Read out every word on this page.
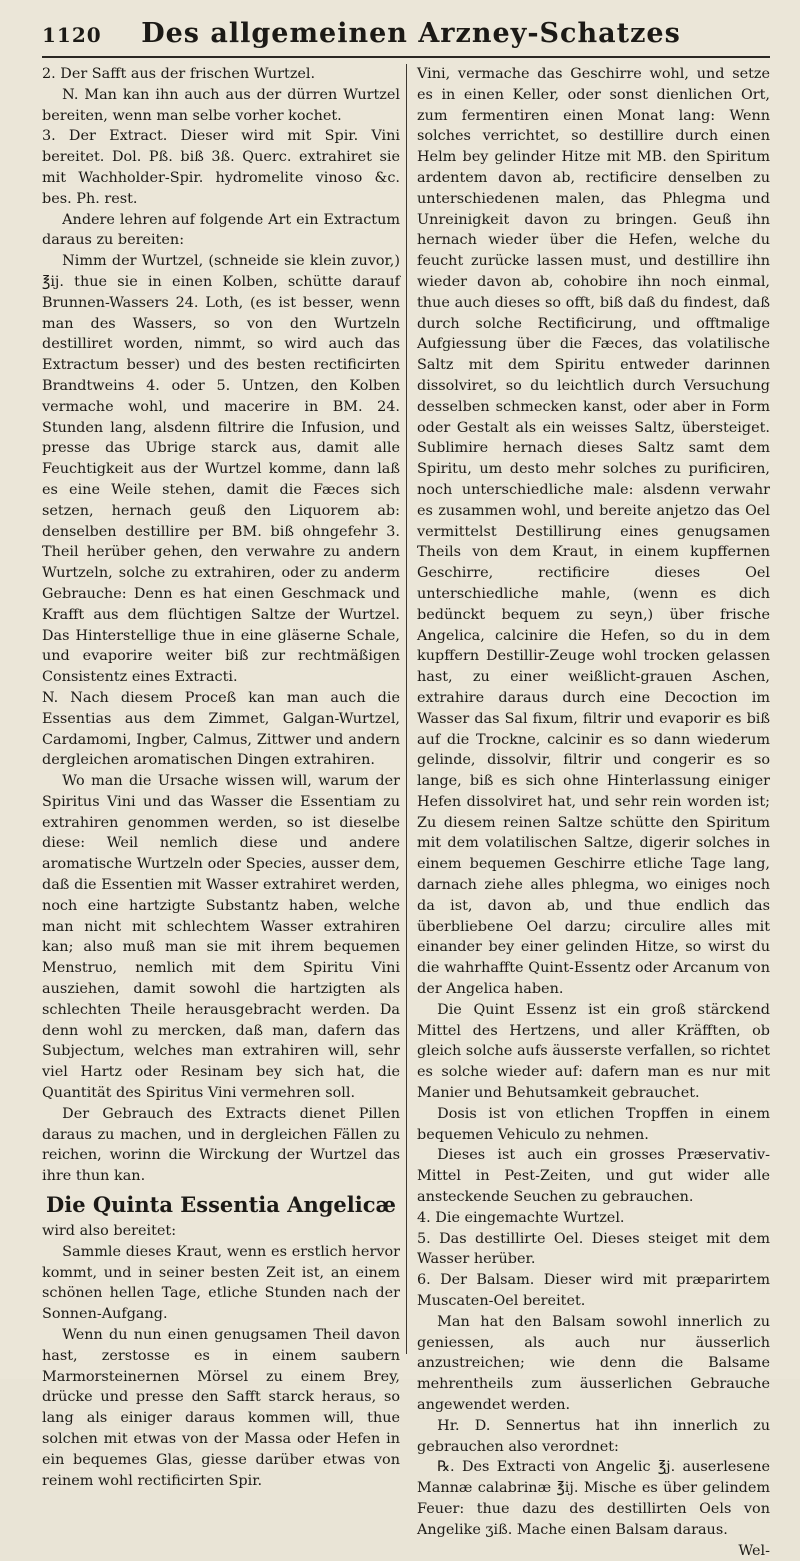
1120	Des allgemeinen Arzney-Schatzes

2. Der Safft aus der frischen Wurtzel.

N. Man kan ihn auch aus der dürren Wurtzel bereiten, wenn man selbe vorher kochet.

3. Der Extract. Dieser wird mit Spir. Vini bereitet. Dol. Pß. biß 3ß. Querc. extrahiret sie mit Wachholder-Spir. hydromelite vinoso &c. bes. Ph. rest.

Andere lehren auf folgende Art ein Extractum daraus zu bereiten:

Nimm der Wurtzel, (schneide sie klein zuvor,) ℥ij. thue sie in einen Kolben, schütte darauf Brunnen-Wassers 24. Loth, (es ist besser, wenn man des Wassers, so von den Wurtzeln destilliret worden, nimmt, so wird auch das Extractum besser) und des besten rectificirten Brandtweins 4. oder 5. Untzen, den Kolben vermache wohl, und macerire in BM. 24. Stunden lang, alsdenn filtrire die Infusion, und presse das Ubrige starck aus, damit alle Feuchtigkeit aus der Wurtzel komme, dann laß es eine Weile stehen, damit die Fæces sich setzen, hernach geuß den Liquorem ab: denselben destillire per BM. biß ohngefehr 3. Theil herüber gehen, den verwahre zu andern Wurtzeln, solche zu extrahiren, oder zu anderm Gebrauche: Denn es hat einen Geschmack und Krafft aus dem flüchtigen Saltze der Wurtzel. Das Hinterstellige thue in eine gläserne Schale, und evaporire weiter biß zur rechtmäßigen Consistentz eines Extracti.

N. Nach diesem Proceß kan man auch die Essentias aus dem Zimmet, Galgan-Wurtzel, Cardamomi, Ingber, Calmus, Zittwer und andern dergleichen aromatischen Dingen extrahiren.

Wo man die Ursache wissen will, warum der Spiritus Vini und das Wasser die Essentiam zu extrahiren genommen werden, so ist dieselbe diese: Weil nemlich diese und andere aromatische Wurtzeln oder Species, ausser dem, daß die Essentien mit Wasser extrahiret werden, noch eine hartzigte Substantz haben, welche man nicht mit schlechtem Wasser extrahiren kan; also muß man sie mit ihrem bequemen Menstruo, nemlich mit dem Spiritu Vini ausziehen, damit sowohl die hartzigten als schlechten Theile herausgebracht werden. Da denn wohl zu mercken, daß man, dafern das Subjectum, welches man extrahiren will, sehr viel Hartz oder Resinam bey sich hat, die Quantität des Spiritus Vini vermehren soll.

Der Gebrauch des Extracts dienet Pillen daraus zu machen, und in dergleichen Fällen zu reichen, worinn die Wirckung der Wurtzel das ihre thun kan.

Die Quinta Essentia Angelicæ

wird also bereitet:

Sammle dieses Kraut, wenn es erstlich hervor kommt, und in seiner besten Zeit ist, an einem schönen hellen Tage, etliche Stunden nach der Sonnen-Aufgang.

Wenn du nun einen genugsamen Theil davon hast, zerstosse es in einem saubern Marmorsteinernen Mörsel zu einem Brey, drücke und presse den Safft starck heraus, so lang als einiger daraus kommen will, thue solchen mit etwas von der Massa oder Hefen in ein bequemes Glas, giesse darüber etwas von reinem wohl rectificirten Spir.

Vini, vermache das Geschirre wohl, und setze es in einen Keller, oder sonst dienlichen Ort, zum fermentiren einen Monat lang: Wenn solches verrichtet, so destillire durch einen Helm bey gelinder Hitze mit MB. den Spiritum ardentem davon ab, rectificire denselben zu unterschiedenen malen, das Phlegma und Unreinigkeit davon zu bringen. Geuß ihn hernach wieder über die Hefen, welche du feucht zurücke lassen must, und destillire ihn wieder davon ab, cohobire ihn noch einmal, thue auch dieses so offt, biß daß du findest, daß durch solche Rectificirung, und offtmalige Aufgiessung über die Fæces, das volatilische Saltz mit dem Spiritu entweder darinnen dissolviret, so du leichtlich durch Versuchung desselben schmecken kanst, oder aber in Form oder Gestalt als ein weisses Saltz, übersteiget. Sublimire hernach dieses Saltz samt dem Spiritu, um desto mehr solches zu purificiren, noch unterschiedliche male: alsdenn verwahr es zusammen wohl, und bereite anjetzo das Oel vermittelst Destillirung eines genugsamen Theils von dem Kraut, in einem kupffernen Geschirre, rectificire dieses Oel unterschiedliche mahle, (wenn es dich bedünckt bequem zu seyn,) über frische Angelica, calcinire die Hefen, so du in dem kupffern Destillir-Zeuge wohl trocken gelassen hast, zu einer weißlicht-grauen Aschen, extrahire daraus durch eine Decoction im Wasser das Sal fixum, filtrir und evaporir es biß auf die Trockne, calcinir es so dann wiederum gelinde, dissolvir, filtrir und congerir es so lange, biß es sich ohne Hinterlassung einiger Hefen dissolviret hat, und sehr rein worden ist; Zu diesem reinen Saltze schütte den Spiritum mit dem volatilischen Saltze, digerir solches in einem bequemen Geschirre etliche Tage lang, darnach ziehe alles phlegma, wo einiges noch da ist, davon ab, und thue endlich das überbliebene Oel darzu; circulire alles mit einander bey einer gelinden Hitze, so wirst du die wahrhaffte Quint-Essentz oder Arcanum von der Angelica haben.

Die Quint Essenz ist ein groß stärckend Mittel des Hertzens, und aller Kräfften, ob gleich solche aufs äusserste verfallen, so richtet es solche wieder auf: dafern man es nur mit Manier und Behutsamkeit gebrauchet.

Dosis ist von etlichen Tropffen in einem bequemen Vehiculo zu nehmen.

Dieses ist auch ein grosses Præservativ-Mittel in Pest-Zeiten, und gut wider alle ansteckende Seuchen zu gebrauchen.

4. Die eingemachte Wurtzel.

5. Das destillirte Oel. Dieses steiget mit dem Wasser herüber.

6. Der Balsam. Dieser wird mit præparirtem Muscaten-Oel bereitet.

Man hat den Balsam sowohl innerlich zu geniessen, als auch nur äusserlich anzustreichen; wie denn die Balsame mehrentheils zum äusserlichen Gebrauche angewendet werden.

Hr. D. Sennertus hat ihn innerlich zu gebrauchen also verordnet:

℞. Des Extracti von Angelic ℥j. auserlesene Mannæ calabrinæ ℥ij. Mische es über gelindem Feuer: thue dazu des destillirten Oels von Angelike ʒiß. Mache einen Balsam daraus.

Wel-
